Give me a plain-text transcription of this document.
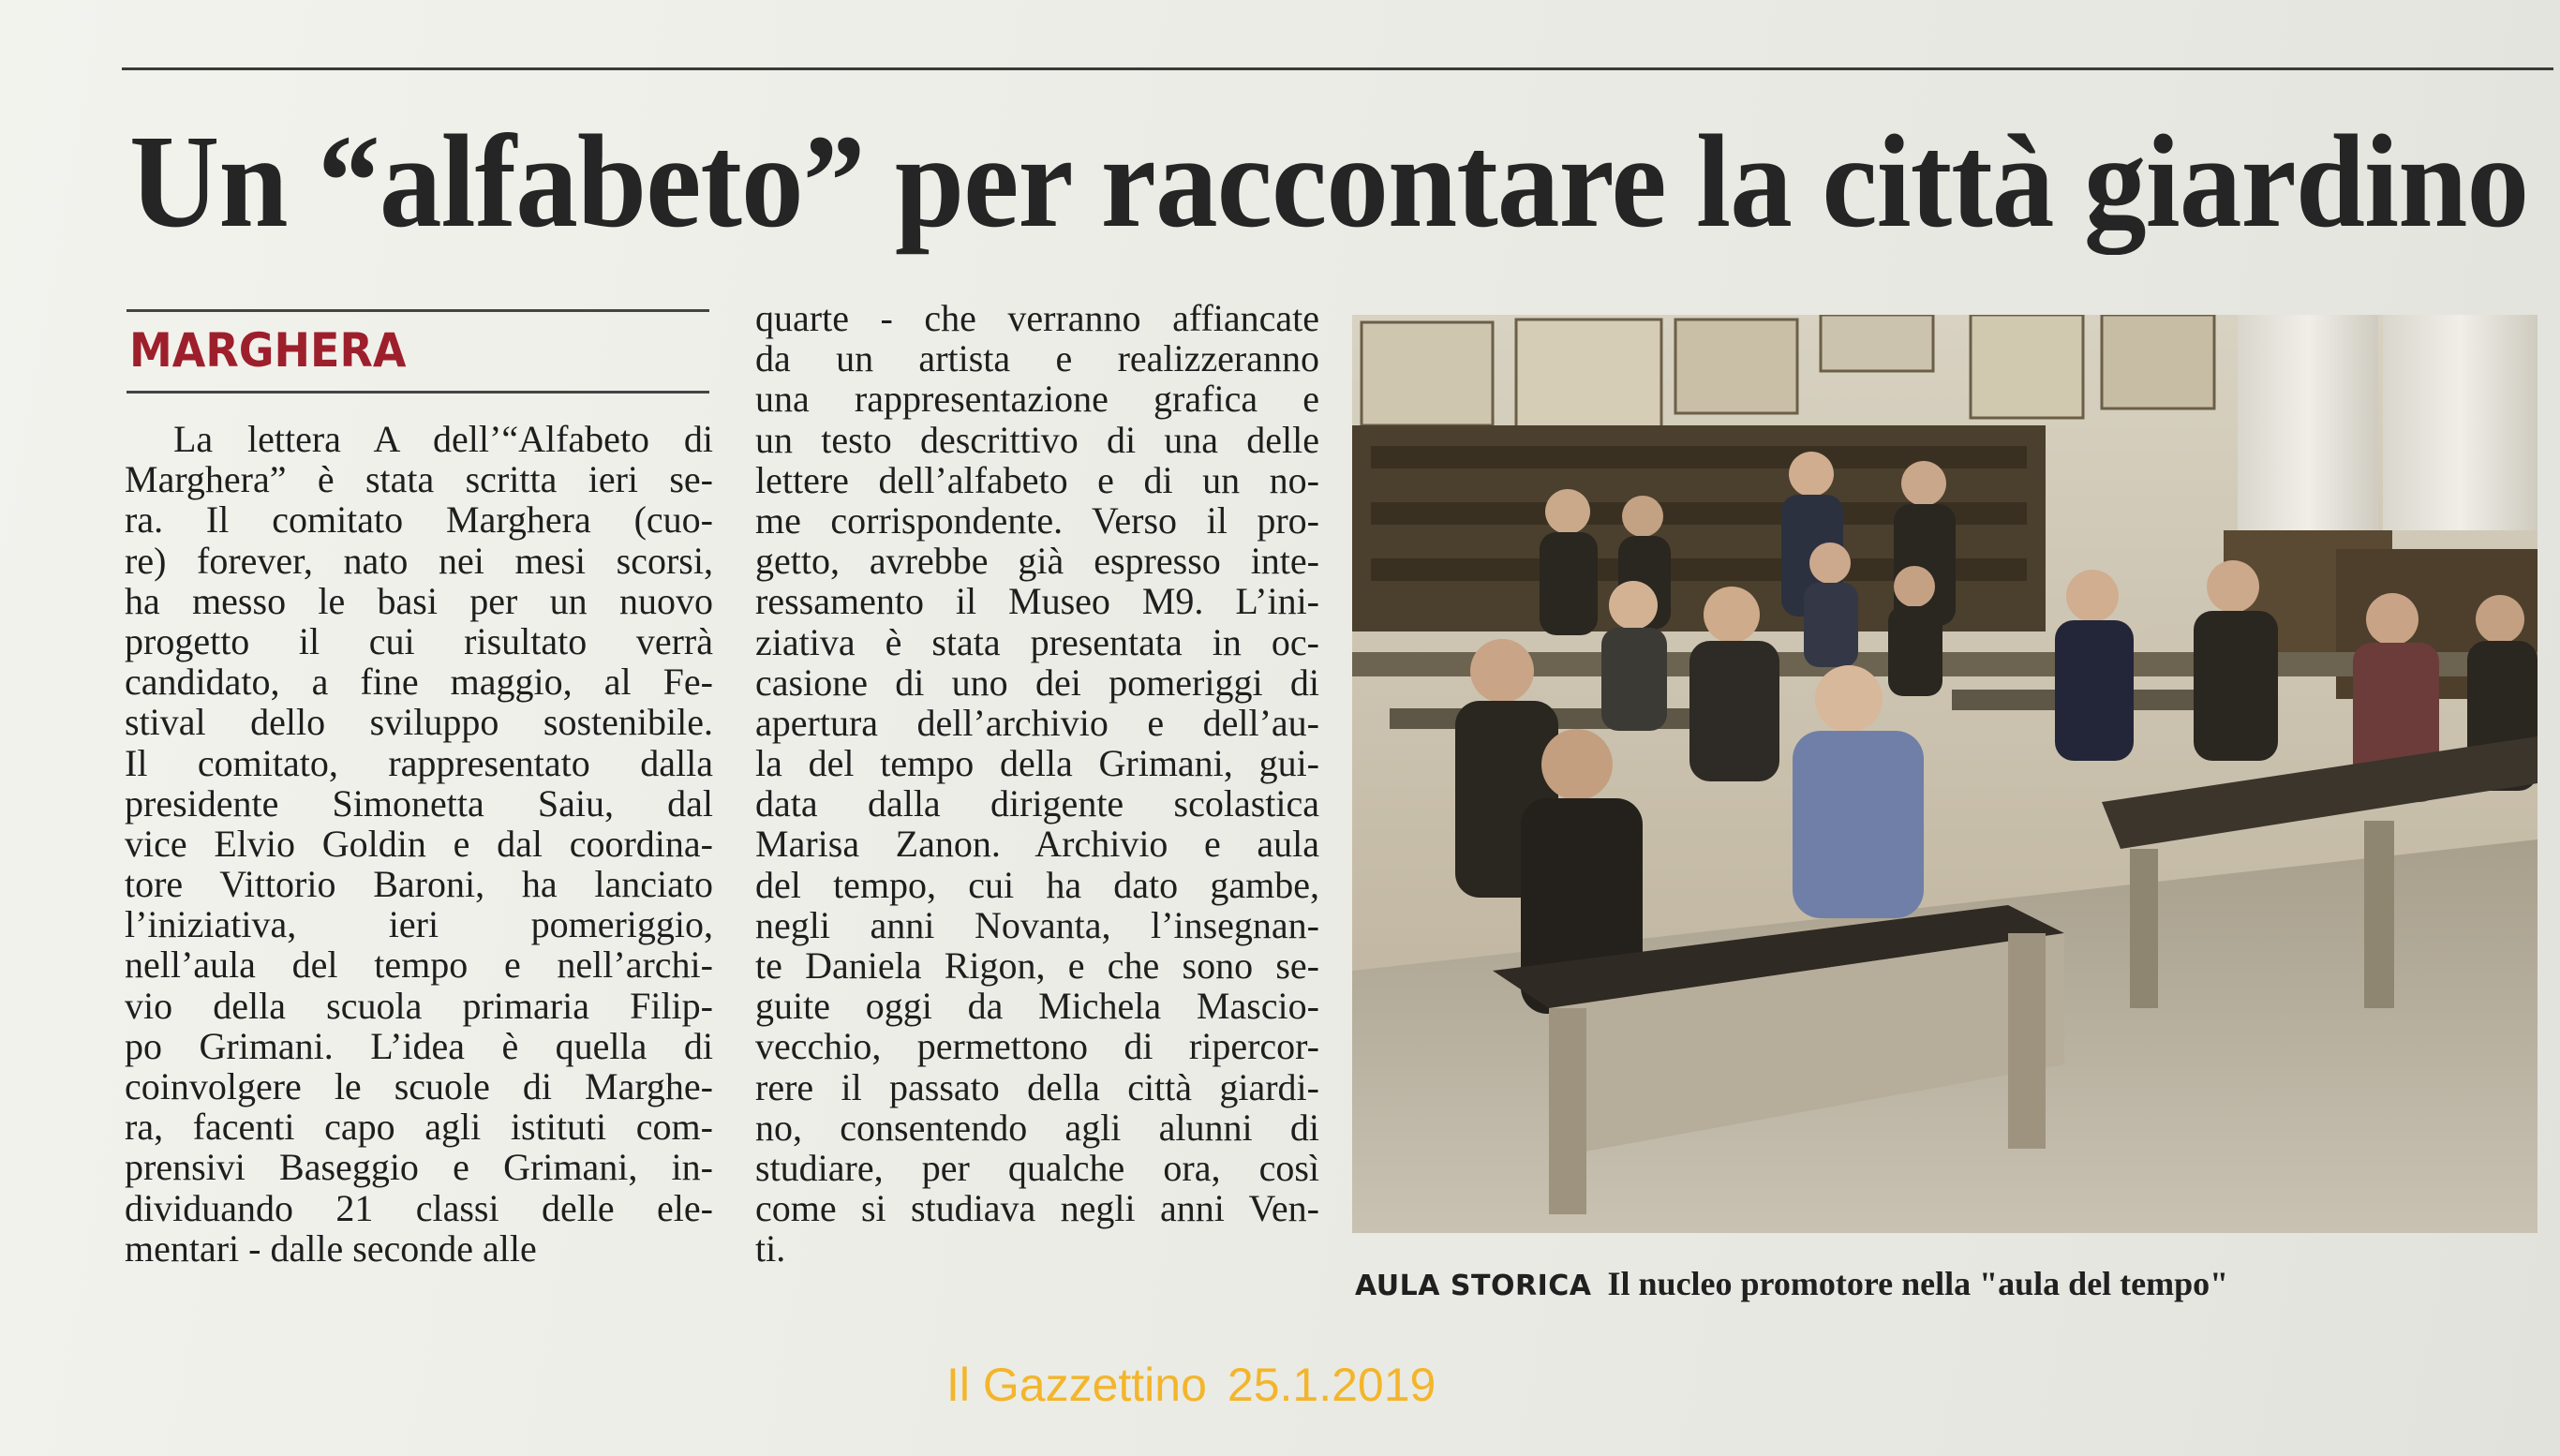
Un “alfabeto” per raccontare la città giardino
MARGHERA
La lettera A dell’“Alfabeto di
Marghera” è stata scritta ieri se-
ra. Il comitato Marghera (cuo-
re) forever, nato nei mesi scorsi,
ha messo le basi per un nuovo
progetto il cui risultato verrà
candidato, a fine maggio, al Fe-
stival dello sviluppo sostenibile.
Il comitato, rappresentato dalla
presidente Simonetta Saiu, dal
vice Elvio Goldin e dal coordina-
tore Vittorio Baroni, ha lanciato
l’iniziativa, ieri pomeriggio,
nell’aula del tempo e nell’archi-
vio della scuola primaria Filip-
po Grimani. L’idea è quella di
coinvolgere le scuole di Marghe-
ra, facenti capo agli istituti com-
prensivi Baseggio e Grimani, in-
dividuando 21 classi delle ele-
mentari - dalle seconde alle
quarte - che verranno affiancate
da un artista e realizzeranno
una rappresentazione grafica e
un testo descrittivo di una delle
lettere dell’alfabeto e di un no-
me corrispondente. Verso il pro-
getto, avrebbe già espresso inte-
ressamento il Museo M9. L’ini-
ziativa è stata presentata in oc-
casione di uno dei pomeriggi di
apertura dell’archivio e dell’au-
la del tempo della Grimani, gui-
data dalla dirigente scolastica
Marisa Zanon. Archivio e aula
del tempo, cui ha dato gambe,
negli anni Novanta, l’insegnan-
te Daniela Rigon, e che sono se-
guite oggi da Michela Mascio-
vecchio, permettono di ripercor-
rere il passato della città giardi-
no, consentendo agli alunni di
studiare, per qualche ora, così
come si studiava negli anni Ven-
ti.
AULA STORICA Il nucleo promotore nella "aula del tempo"
Il Gazzettino 25.1.2019
